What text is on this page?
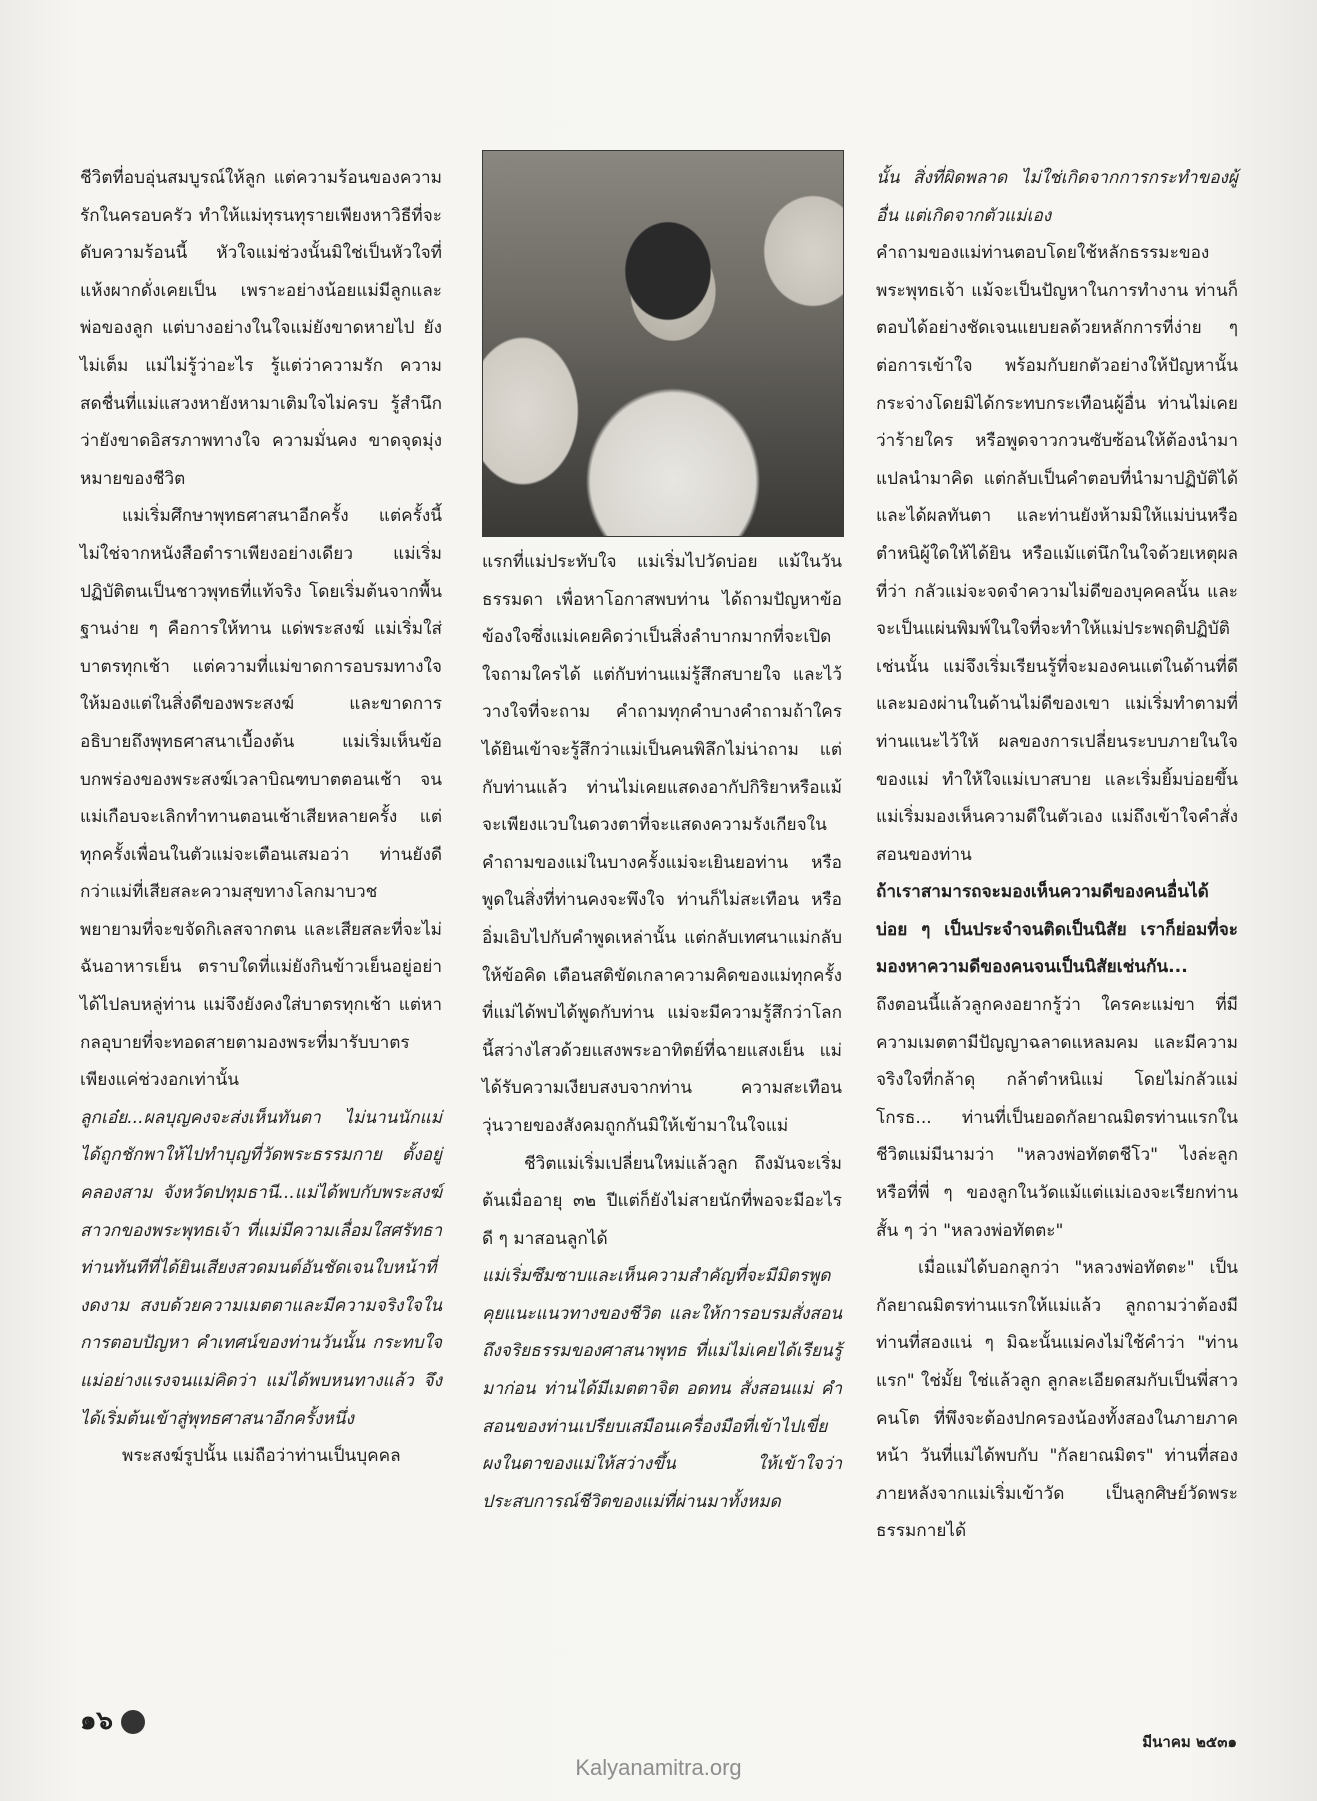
ชีวิตที่อบอุ่นสมบูรณ์ให้ลูก แต่ความร้อนของความรักในครอบครัว ทำให้แม่ทุรนทุรายเพียงหาวิธีที่จะดับความร้อนนี้ หัวใจแม่ช่วงนั้นมิใช่เป็นหัวใจที่แห้งผากดั่งเคยเป็น เพราะอย่างน้อยแม่มีลูกและพ่อของลูก แต่บางอย่างในใจแม่ยังขาดหายไป ยังไม่เต็ม แม่ไม่รู้ว่าอะไร รู้แต่ว่าความรัก ความสดชื่นที่แม่แสวงหายังหามาเติมใจไม่ครบ รู้สำนึกว่ายังขาดอิสรภาพทางใจ ความมั่นคง ขาดจุดมุ่งหมายของชีวิต

แม่เริ่มศึกษาพุทธศาสนาอีกครั้ง แต่ครั้งนี้ไม่ใช่จากหนังสือตำราเพียงอย่างเดียว แม่เริ่มปฏิบัติตนเป็นชาวพุทธที่แท้จริง โดยเริ่มต้นจากพื้นฐานง่าย ๆ คือการให้ทาน แด่พระสงฆ์ แม่เริ่มใส่บาตรทุกเช้า แต่ความที่แม่ขาดการอบรมทางใจให้มองแต่ในสิ่งดีของพระสงฆ์ และขาดการอธิบายถึงพุทธศาสนาเบื้องต้น แม่เริ่มเห็นข้อบกพร่องของพระสงฆ์เวลาบิณฑบาตตอนเช้า จนแม่เกือบจะเลิกทำทานตอนเช้าเสียหลายครั้ง แต่ทุกครั้งเพื่อนในตัวแม่จะเตือนเสมอว่า ท่านยังดีกว่าแม่ที่เสียสละความสุขทางโลกมาบวช พยายามที่จะขจัดกิเลสจากตน และเสียสละที่จะไม่ฉันอาหารเย็น ตราบใดที่แม่ยังกินข้าวเย็นอยู่อย่าได้ไปลบหลู่ท่าน แม่จึงยังคงใส่บาตรทุกเช้า แต่หากลอุบายที่จะทอดสายตามองพระที่มารับบาตรเพียงแค่ช่วงอกเท่านั้น

ลูกเอ๋ย...ผลบุญคงจะส่งเห็นทันตา ไม่นานนักแม่ได้ถูกชักพาให้ไปทำบุญที่วัดพระธรรมกาย ตั้งอยู่คลองสาม จังหวัดปทุมธานี...แม่ได้พบกับพระสงฆ์สาวกของพระพุทธเจ้า ที่แม่มีความเลื่อมใสศรัทธาท่านทันทีที่ได้ยินเสียงสวดมนต์อันชัดเจนใบหน้าที่งดงาม สงบด้วยความเมตตาและมีความจริงใจในการตอบปัญหา คำเทศน์ของท่านวันนั้น กระทบใจแม่อย่างแรงจนแม่คิดว่า แม่ได้พบหนทางแล้ว จึงได้เริ่มต้นเข้าสู่พุทธศาสนาอีกครั้งหนึ่ง

พระสงฆ์รูปนั้น แม่ถือว่าท่านเป็นบุคคล

แรกที่แม่ประทับใจ แม่เริ่มไปวัดบ่อย แม้ในวันธรรมดา เพื่อหาโอกาสพบท่าน ได้ถามปัญหาข้อข้องใจซึ่งแม่เคยคิดว่าเป็นสิ่งลำบากมากที่จะเปิดใจถามใครได้ แต่กับท่านแม่รู้สึกสบายใจ และไว้วางใจที่จะถาม คำถามทุกคำบางคำถามถ้าใครได้ยินเข้าจะรู้สึกว่าแม่เป็นคนพิลึกไม่น่าถาม แต่กับท่านแล้ว ท่านไม่เคยแสดงอากัปกิริยาหรือแม้จะเพียงแวบในดวงตาที่จะแสดงความรังเกียจในคำถามของแม่ในบางครั้งแม่จะเยินยอท่าน หรือพูดในสิ่งที่ท่านคงจะพึงใจ ท่านก็ไม่สะเทือน หรืออิ่มเอิบไปกับคำพูดเหล่านั้น แต่กลับเทศนาแม่กลับให้ข้อคิด เตือนสติขัดเกลาความคิดของแม่ทุกครั้งที่แม่ได้พบได้พูดกับท่าน แม่จะมีความรู้สึกว่าโลกนี้สว่างไสวด้วยแสงพระอาทิตย์ที่ฉายแสงเย็น แม่ได้รับความเงียบสงบจากท่าน ความสะเทือนวุ่นวายของสังคมถูกกันมิให้เข้ามาในใจแม่

ชีวิตแม่เริ่มเปลี่ยนใหม่แล้วลูก ถึงมันจะเริ่มต้นเมื่ออายุ ๓๒ ปีแต่ก็ยังไม่สายนักที่พอจะมีอะไรดี ๆ มาสอนลูกได้

แม่เริ่มซึมซาบและเห็นความสำคัญที่จะมีมิตรพูดคุยแนะแนวทางของชีวิต และให้การอบรมสั่งสอน ถึงจริยธรรมของศาสนาพุทธ ที่แม่ไม่เคยได้เรียนรู้มาก่อน ท่านได้มีเมตตาจิต อดทน สั่งสอนแม่ คำสอนของท่านเปรียบเสมือนเครื่องมือที่เข้าไปเขี่ยผงในตาของแม่ให้สว่างขึ้น ให้เข้าใจว่าประสบการณ์ชีวิตของแม่ที่ผ่านมาทั้งหมด

นั้น สิ่งที่ผิดพลาด ไม่ใช่เกิดจากการกระทำของผู้อื่น แต่เกิดจากตัวแม่เอง

คำถามของแม่ท่านตอบโดยใช้หลักธรรมะของพระพุทธเจ้า แม้จะเป็นปัญหาในการทำงาน ท่านก็ตอบได้อย่างชัดเจนแยบยลด้วยหลักการที่ง่าย ๆ ต่อการเข้าใจ พร้อมกับยกตัวอย่างให้ปัญหานั้นกระจ่างโดยมิได้กระทบกระเทือนผู้อื่น ท่านไม่เคยว่าร้ายใคร หรือพูดจาวกวนซับซ้อนให้ต้องนำมาแปลนำมาคิด แต่กลับเป็นคำตอบที่นำมาปฏิบัติได้และได้ผลทันตา และท่านยังห้ามมิให้แม่บ่นหรือตำหนิผู้ใดให้ได้ยิน หรือแม้แต่นึกในใจด้วยเหตุผลที่ว่า กลัวแม่จะจดจำความไม่ดีของบุคคลนั้น และจะเป็นแผ่นพิมพ์ในใจที่จะทำให้แม่ประพฤติปฏิบัติเช่นนั้น แม่จึงเริ่มเรียนรู้ที่จะมองคนแต่ในด้านที่ดี และมองผ่านในด้านไม่ดีของเขา แม่เริ่มทำตามที่ท่านแนะไว้ให้ ผลของการเปลี่ยนระบบภายในใจของแม่ ทำให้ใจแม่เบาสบาย และเริ่มยิ้มบ่อยขึ้น แม่เริ่มมองเห็นความดีในตัวเอง แม่ถึงเข้าใจคำสั่งสอนของท่าน

ถ้าเราสามารถจะมองเห็นความดีของคนอื่นได้บ่อย ๆ เป็นประจำจนติดเป็นนิสัย เราก็ย่อมที่จะมองหาความดีของคนจนเป็นนิสัยเช่นกัน...

ถึงตอนนี้แล้วลูกคงอยากรู้ว่า ใครคะแม่ขา ที่มีความเมตตามีปัญญาฉลาดแหลมคม และมีความจริงใจที่กล้าดุ กล้าตำหนิแม่ โดยไม่กลัวแม่โกรธ... ท่านที่เป็นยอดกัลยาณมิตรท่านแรกในชีวิตแม่มีนามว่า "หลวงพ่อทัตตชีโว" ไงล่ะลูก หรือที่พี่ ๆ ของลูกในวัดแม้แต่แม่เองจะเรียกท่านสั้น ๆ ว่า "หลวงพ่อทัตตะ"

เมื่อแม่ได้บอกลูกว่า "หลวงพ่อทัตตะ" เป็นกัลยาณมิตรท่านแรกให้แม่แล้ว ลูกถามว่าต้องมีท่านที่สองแน่ ๆ มิฉะนั้นแม่คงไม่ใช้คำว่า "ท่านแรก" ใช่มั้ย ใช่แล้วลูก ลูกละเอียดสมกับเป็นพี่สาวคนโต ที่พึงจะต้องปกครองน้องทั้งสองในภายภาคหน้า วันที่แม่ได้พบกับ "กัลยาณมิตร" ท่านที่สอง ภายหลังจากแม่เริ่มเข้าวัด เป็นลูกศิษย์วัดพระธรรมกายได้

๑๖
มีนาคม ๒๕๓๑
Kalyanamitra.org
